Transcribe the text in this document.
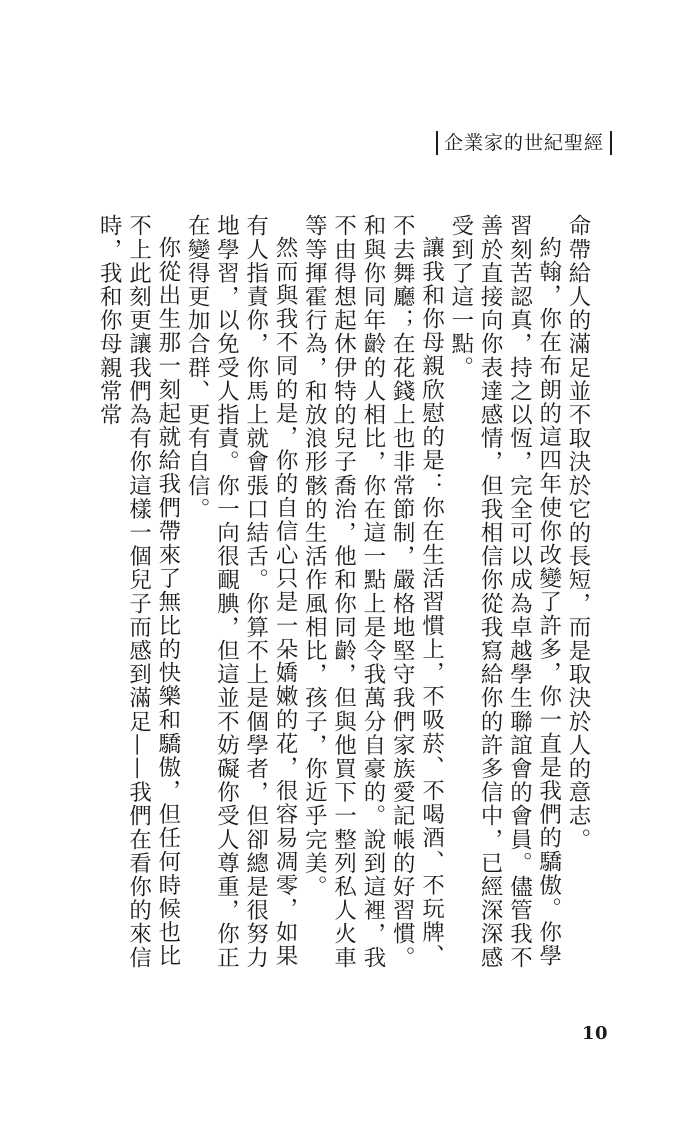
企業家的世紀聖經

命帶給人的滿足並不取決於它的長短，而是取決於人的意志。

約翰，你在布朗的這四年使你改變了許多，你一直是我們的驕傲。你學習刻苦認真，持之以恆，完全可以成為卓越學生聯誼會的會員。儘管我不善於直接向你表達感情，但我相信你從我寫給你的許多信中，已經深深感受到了這一點。

讓我和你母親欣慰的是：你在生活習慣上，不吸菸、不喝酒、不玩牌、不去舞廳；在花錢上也非常節制，嚴格地堅守我們家族愛記帳的好習慣。和與你同年齡的人相比，你在這一點上是令我萬分自豪的。說到這裡，我不由得想起休伊特的兒子喬治，他和你同齡，但與他買下一整列私人火車等等揮霍行為，和放浪形骸的生活作風相比，孩子，你近乎完美。

然而與我不同的是，你的自信心只是一朵嬌嫩的花，很容易凋零，如果有人指責你，你馬上就會張口結舌。你算不上是個學者，但卻總是很努力地學習，以免受人指責。你一向很靦腆，但這並不妨礙你受人尊重，你正在變得更加合群、更有自信。

你從出生那一刻起就給我們帶來了無比的快樂和驕傲，但任何時候也比不上此刻更讓我們為有你這樣一個兒子而感到滿足——我們在看你的來信時，我和你母親常常

10
